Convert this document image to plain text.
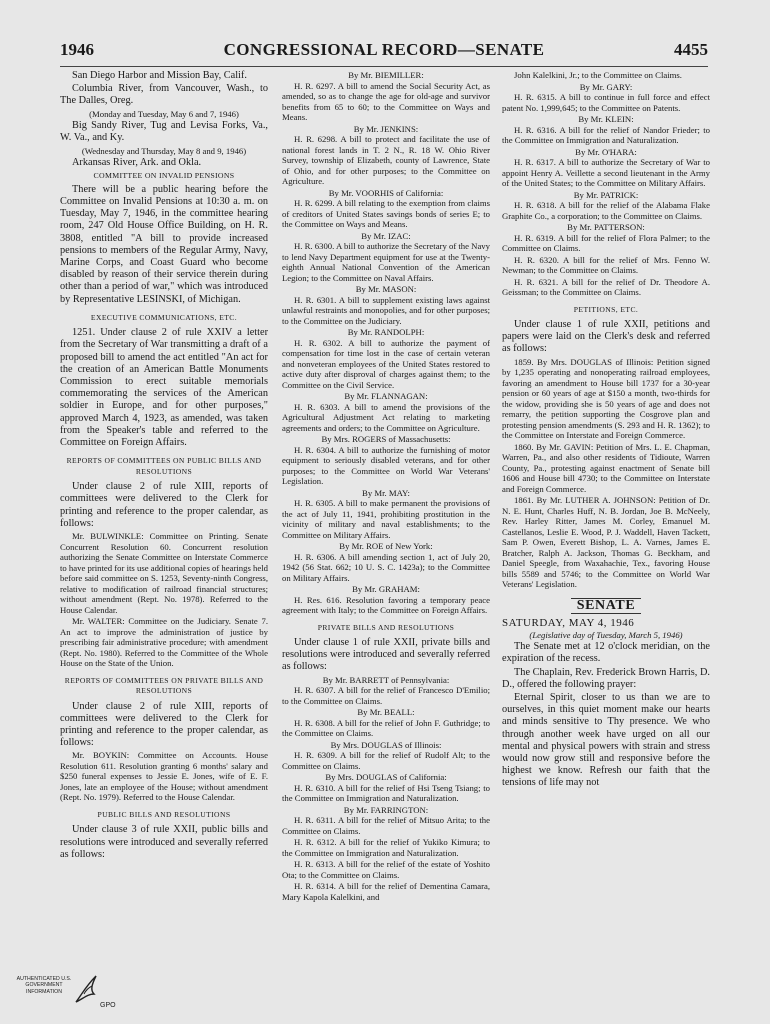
1946	CONGRESSIONAL RECORD—SENATE	4455

San Diego Harbor and Mission Bay, Calif.

Columbia River, from Vancouver, Wash., to The Dalles, Oreg.

(Monday and Tuesday, May 6 and 7, 1946)

Big Sandy River, Tug and Levisa Forks, Va., W. Va., and Ky.

(Wednesday and Thursday, May 8 and 9, 1946)

Arkansas River, Ark. and Okla.

COMMITTEE ON INVALID PENSIONS

There will be a public hearing before the Committee on Invalid Pensions at 10:30 a. m. on Tuesday, May 7, 1946, in the committee hearing room, 247 Old House Office Building, on H. R. 3808, entitled "A bill to provide increased pensions to members of the Regular Army, Navy, Marine Corps, and Coast Guard who become disabled by reason of their service therein during other than a period of war," which was introduced by Representative LESINSKI, of Michigan.

EXECUTIVE COMMUNICATIONS, ETC.

1251. Under clause 2 of rule XXIV a letter from the Secretary of War transmitting a draft of a proposed bill to amend the act entitled "An act for the creation of an American Battle Monuments Commission to erect suitable memorials commemorating the services of the American soldier in Europe, and for other purposes," approved March 4, 1923, as amended, was taken from the Speaker's table and referred to the Committee on Foreign Affairs.

REPORTS OF COMMITTEES ON PUBLIC BILLS AND RESOLUTIONS

Under clause 2 of rule XIII, reports of committees were delivered to the Clerk for printing and reference to the proper calendar, as follows:

Mr. BULWINKLE: Committee on Printing. Senate Concurrent Resolution 60. Concurrent resolution authorizing the Senate Committee on Interstate Commerce to have printed for its use additional copies of hearings held before said committee on S. 1253, Seventy-ninth Congress, relative to modification of railroad financial structures; without amendment (Rept. No. 1978). Referred to the House Calendar.

Mr. WALTER: Committee on the Judiciary. Senate 7. An act to improve the administration of justice by prescribing fair administrative procedure; with amendment (Rept. No. 1980). Referred to the Committee of the Whole House on the State of the Union.

REPORTS OF COMMITTEES ON PRIVATE BILLS AND RESOLUTIONS

Under clause 2 of rule XIII, reports of committees were delivered to the Clerk for printing and reference to the proper calendar, as follows:

Mr. BOYKIN: Committee on Accounts. House Resolution 611. Resolution granting 6 months' salary and $250 funeral expenses to Jessie E. Jones, wife of E. F. Jones, late an employee of the House; without amendment (Rept. No. 1979). Referred to the House Calendar.

PUBLIC BILLS AND RESOLUTIONS

Under clause 3 of rule XXII, public bills and resolutions were introduced and severally referred as follows:

By Mr. BIEMILLER:

H. R. 6297. A bill to amend the Social Security Act, as amended, so as to change the age for old-age and survivor benefits from 65 to 60; to the Committee on Ways and Means.

By Mr. JENKINS:

H. R. 6298. A bill to protect and facilitate the use of national forest lands in T. 2 N., R. 18 W. Ohio River Survey, township of Elizabeth, county of Lawrence, State of Ohio, and for other purposes; to the Committee on Agriculture.

By Mr. VOORHIS of California:

H. R. 6299. A bill relating to the exemption from claims of creditors of United States savings bonds of series E; to the Committee on Ways and Means.

By Mr. IZAC:

H. R. 6300. A bill to authorize the Secretary of the Navy to lend Navy Department equipment for use at the Twenty-eighth Annual National Convention of the American Legion; to the Committee on Naval Affairs.

By Mr. MASON:

H. R. 6301. A bill to supplement existing laws against unlawful restraints and monopolies, and for other purposes; to the Committee on the Judiciary.

By Mr. RANDOLPH:

H. R. 6302. A bill to authorize the payment of compensation for time lost in the case of certain veteran and nonveteran employees of the United States restored to active duty after disproval of charges against them; to the Committee on the Civil Service.

By Mr. FLANNAGAN:

H. R. 6303. A bill to amend the provisions of the Agricultural Adjustment Act relating to marketing agreements and orders; to the Committee on Agriculture.

By Mrs. ROGERS of Massachusetts:

H. R. 6304. A bill to authorize the furnishing of motor equipment to seriously disabled veterans, and for other purposes; to the Committee on World War Veterans' Legislation.

By Mr. MAY:

H. R. 6305. A bill to make permanent the provisions of the act of July 11, 1941, prohibiting prostitution in the vicinity of military and naval establishments; to the Committee on Military Affairs.

By Mr. ROE of New York:

H. R. 6306. A bill amending section 1, act of July 20, 1942 (56 Stat. 662; 10 U. S. C. 1423a); to the Committee on Military Affairs.

By Mr. GRAHAM:

H. Res. 616. Resolution favoring a temporary peace agreement with Italy; to the Committee on Foreign Affairs.

PRIVATE BILLS AND RESOLUTIONS

Under clause 1 of rule XXII, private bills and resolutions were introduced and severally referred as follows:

By Mr. BARRETT of Pennsylvania:

H. R. 6307. A bill for the relief of Francesco D'Emilio; to the Committee on Claims.

By Mr. BEALL:

H. R. 6308. A bill for the relief of John F. Guthridge; to the Committee on Claims.

By Mrs. DOUGLAS of Illinois:

H. R. 6309. A bill for the relief of Rudolf Alt; to the Committee on Claims.

By Mrs. DOUGLAS of California:

H. R. 6310. A bill for the relief of Hsi Tseng Tsiang; to the Committee on Immigration and Naturalization.

By Mr. FARRINGTON:

H. R. 6311. A bill for the relief of Mitsuo Arita; to the Committee on Claims.

H. R. 6312. A bill for the relief of Yukiko Kimura; to the Committee on Immigration and Naturalization.

H. R. 6313. A bill for the relief of the estate of Yoshito Ota; to the Committee on Claims.

H. R. 6314. A bill for the relief of Dementina Camara, Mary Kapola Kalelkini, and

John Kalelkini, Jr.; to the Committee on Claims.

By Mr. GARY:

H. R. 6315. A bill to continue in full force and effect patent No. 1,999,645; to the Committee on Patents.

By Mr. KLEIN:

H. R. 6316. A bill for the relief of Nandor Frieder; to the Committee on Immigration and Naturalization.

By Mr. O'HARA:

H. R. 6317. A bill to authorize the Secretary of War to appoint Henry A. Veillette a second lieutenant in the Army of the United States; to the Committee on Military Affairs.

By Mr. PATRICK:

H. R. 6318. A bill for the relief of the Alabama Flake Graphite Co., a corporation; to the Committee on Claims.

By Mr. PATTERSON:

H. R. 6319. A bill for the relief of Flora Palmer; to the Committee on Claims.

H. R. 6320. A bill for the relief of Mrs. Fenno W. Newman; to the Committee on Claims.

H. R. 6321. A bill for the relief of Dr. Theodore A. Geissman; to the Committee on Claims.

PETITIONS, ETC.

Under clause 1 of rule XXII, petitions and papers were laid on the Clerk's desk and referred as follows:

1859. By Mrs. DOUGLAS of Illinois: Petition signed by 1,235 operating and nonoperating railroad employees, favoring an amendment to House bill 1737 for a 30-year pension or 60 years of age at $150 a month, two-thirds for the widow, providing she is 50 years of age and does not remarry, the petition supporting the Cosgrove plan and protesting pension amendments (S. 293 and H. R. 1362); to the Committee on Interstate and Foreign Commerce.

1860. By Mr. GAVIN: Petition of Mrs. L. E. Chapman, Warren, Pa., and also other residents of Tidioute, Warren County, Pa., protesting against enactment of Senate bill 1606 and House bill 4730; to the Committee on Interstate and Foreign Commerce.

1861. By Mr. LUTHER A. JOHNSON: Petition of Dr. N. E. Hunt, Charles Huff, N. B. Jordan, Joe B. McNeely, Rev. Harley Ritter, James M. Corley, Emanuel M. Castellanos, Leslie E. Wood, P. J. Waddell, Haven Tackett, Sam P. Owen, Everett Bishop, L. A. Varnes, James E. Bratcher, Ralph A. Jackson, Thomas G. Beckham, and Daniel Speegle, from Waxahachie, Tex., favoring House bills 5589 and 5746; to the Committee on World War Veterans' Legislation.

SENATE

SATURDAY, MAY 4, 1946

(Legislative day of Tuesday, March 5, 1946)

The Senate met at 12 o'clock meridian, on the expiration of the recess.

The Chaplain, Rev. Frederick Brown Harris, D. D., offered the following prayer:

Eternal Spirit, closer to us than we are to ourselves, in this quiet moment make our hearts and minds sensitive to Thy presence. We who through another week have urged on all our mental and physical powers with strain and stress would now grow still and responsive before the highest we know. Refresh our faith that the tensions of life may not

AUTHENTICATED U.S. GOVERNMENT INFORMATION
GPO
